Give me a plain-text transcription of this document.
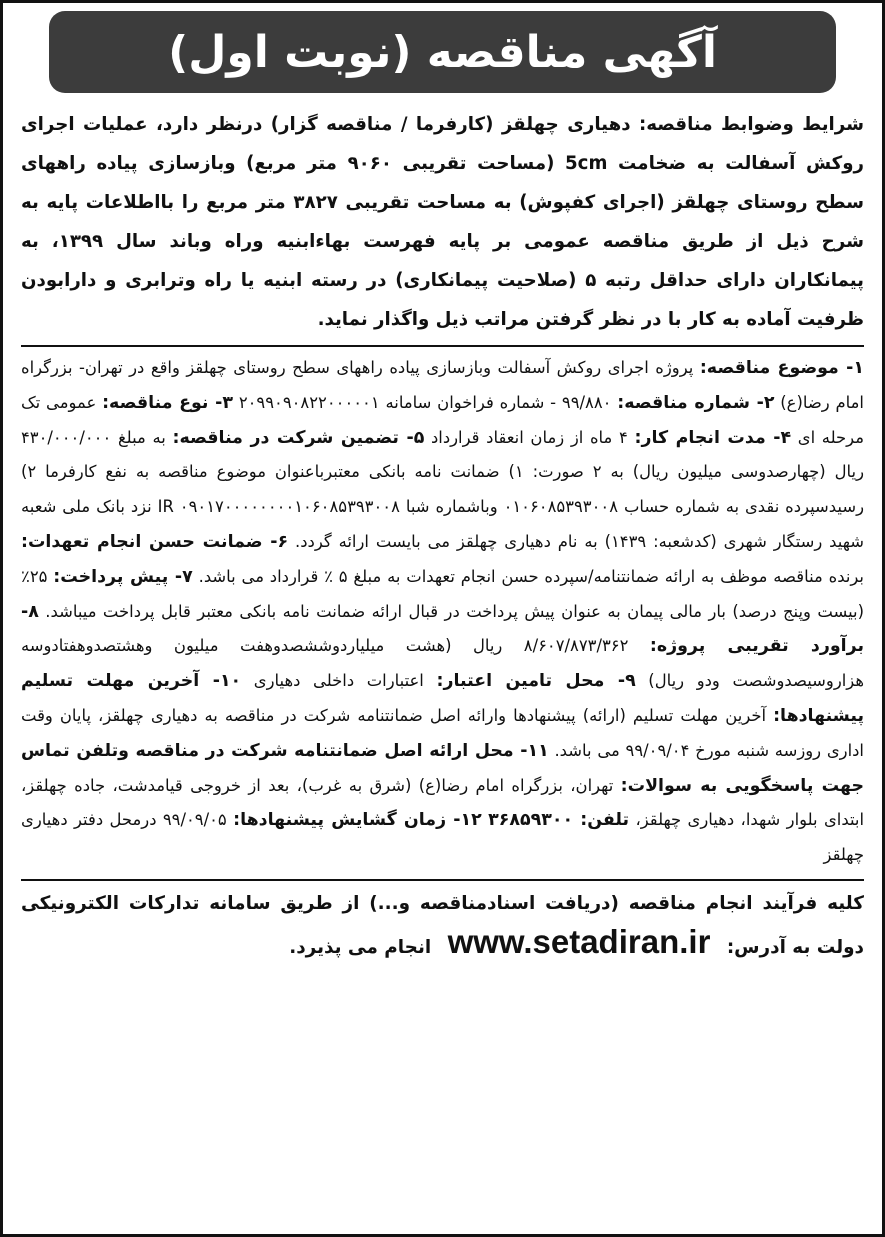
آگهی مناقصه (نوبت اول)

شرایط وضوابط مناقصه: دهیاری چهلقز (کارفرما / مناقصه گزار) درنظر دارد، عملیات اجرای روکش آسفالت به ضخامت 5cm (مساحت تقریبی ۹۰۶۰ متر مربع) وبازسازی پیاده راههای سطح روستای چهلقز (اجرای کفپوش) به مساحت تقریبی ۳۸۲۷ متر مربع را بااطلاعات پایه به شرح ذیل از طریق مناقصه عمومی بر پایه فهرست بهاءابنیه وراه وباند سال ۱۳۹۹، به پیمانکاران دارای حداقل رتبه ۵ (صلاحیت پیمانکاری) در رسته ابنیه یا راه وترابری و دارابودن ظرفیت آماده به کار با در نظر گرفتن مراتب ذیل واگذار نماید.

۱- موضوع مناقصه: پروژه اجرای روکش آسفالت وبازسازی پیاده راههای سطح روستای چهلقز واقع در تهران- بزرگراه امام رضا(ع) ۲- شماره مناقصه: ۹۹/۸۸۰ - شماره فراخوان سامانه ۲۰۹۹۰۹۰۸۲۲۰۰۰۰۰۱ ۳- نوع مناقصه: عمومی تک مرحله ای ۴- مدت انجام کار: ۴ ماه از زمان انعقاد قرارداد ۵- تضمین شرکت در مناقصه: به مبلغ ۴۳۰/۰۰۰/۰۰۰ ریال (چهارصدوسی میلیون ریال) به ۲ صورت: ۱) ضمانت نامه بانکی معتبرباعنوان موضوع مناقصه به نفع کارفرما ۲) رسیدسپرده نقدی به شماره حساب ۰۱۰۶۰۸۵۳۹۳۰۰۸ وباشماره شبا IR ۰۹۰۱۷۰۰۰۰۰۰۰۰۱۰۶۰۸۵۳۹۳۰۰۸ نزد بانک ملی شعبه شهید رستگار شهری (کدشعبه: ۱۴۳۹) به نام دهیاری چهلقز می بایست ارائه گردد. ۶- ضمانت حسن انجام تعهدات: برنده مناقصه موظف به ارائه ضمانتنامه/سپرده حسن انجام تعهدات به مبلغ ۵ ٪ قرارداد می باشد. ۷- پیش پرداخت: ۲۵٪ (بیست وپنج درصد) بار مالی پیمان به عنوان پیش پرداخت در قبال ارائه ضمانت نامه بانکی معتبر قابل پرداخت میباشد. ۸- برآورد تقریبی پروژه: ۸/۶۰۷/۸۷۳/۳۶۲ ریال (هشت میلیاردوششصدوهفت میلیون وهشتصدوهفتادوسه هزاروسیصدوشصت ودو ریال) ۹- محل تامین اعتبار: اعتبارات داخلی دهیاری ۱۰- آخرین مهلت تسلیم پیشنهادها: آخرین مهلت تسلیم (ارائه) پیشنهادها وارائه اصل ضمانتنامه شرکت در مناقصه به دهیاری چهلقز، پایان وقت اداری روزسه شنبه مورخ ۹۹/۰۹/۰۴ می باشد. ۱۱- محل ارائه اصل ضمانتنامه شرکت در مناقصه وتلفن تماس جهت پاسخگویی به سوالات: تهران، بزرگراه امام رضا(ع) (شرق به غرب)، بعد از خروجی قیامدشت، جاده چهلقز، ابتدای بلوار شهدا، دهیاری چهلقز، تلفن: ۳۶۸۵۹۳۰۰ ۱۲- زمان گشایش پیشنهادها: ۹۹/۰۹/۰۵ درمحل دفتر دهیاری چهلقز

کلیه فرآیند انجام مناقصه (دریافت اسنادمناقصه و...) از طریق سامانه تدارکات الکترونیکی دولت به آدرس: www.setadiran.ir انجام می پذیرد.
